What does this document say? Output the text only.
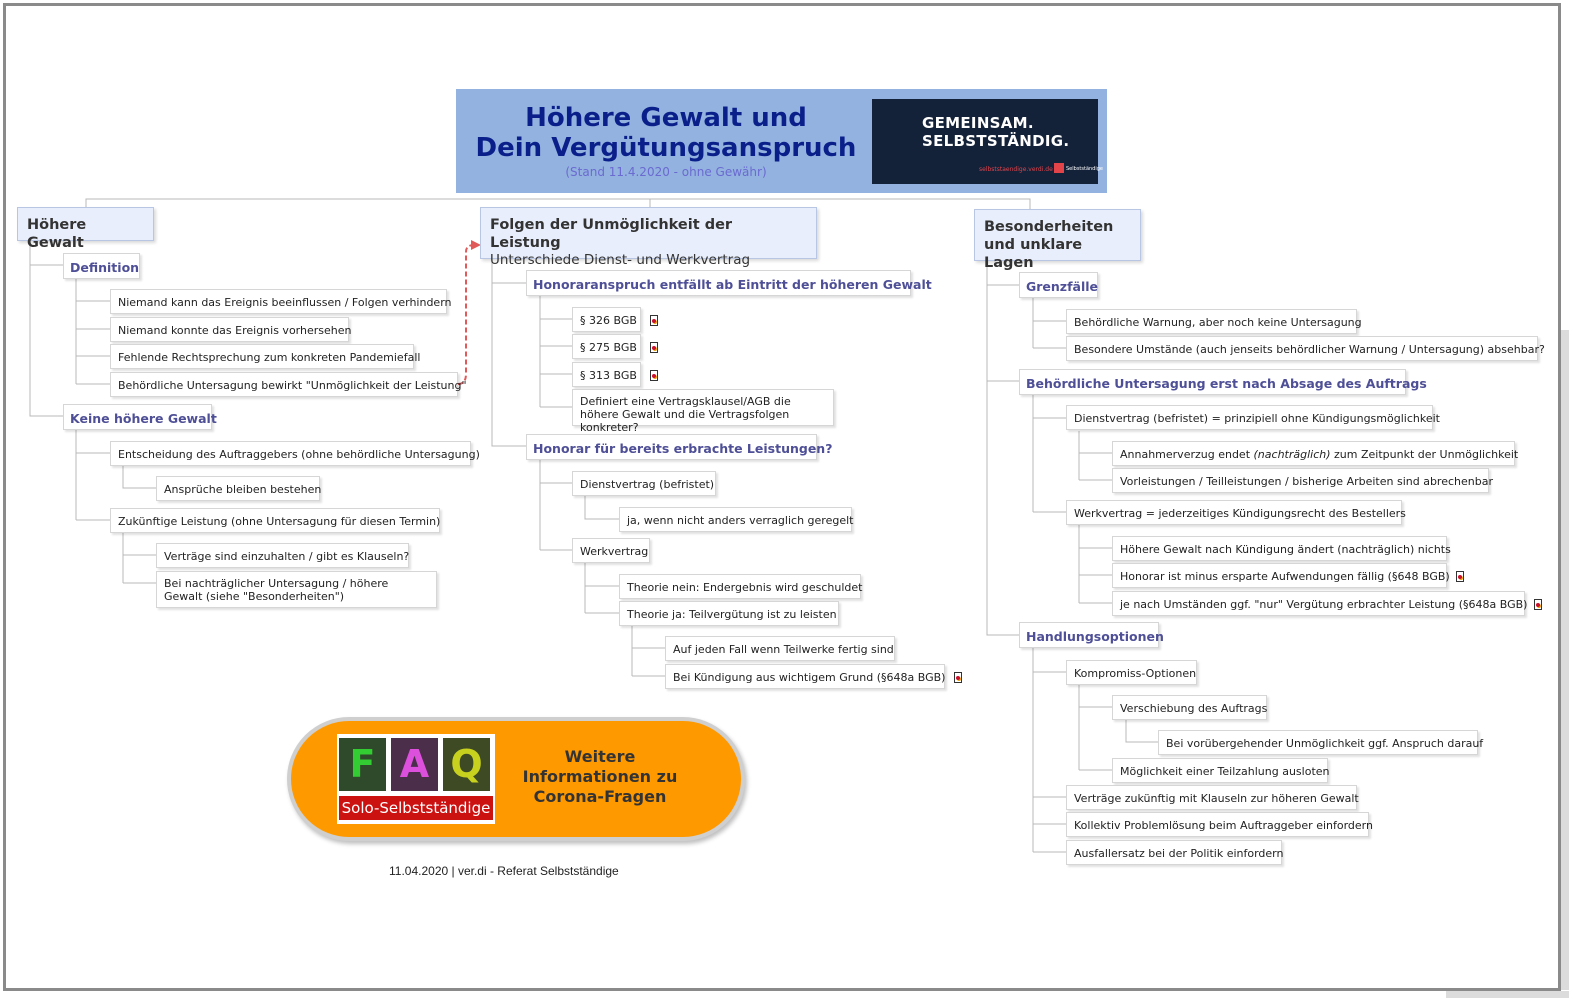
Höhere Gewalt und
Dein Vergütungsanspruch
(Stand 11.4.2020 - ohne Gewähr)
GEMEINSAM.
SELBSTSTÄNDIG.
selbststaendige.verdi.de	Selbstständige
Höhere Gewalt
Definition
Niemand kann das Ereignis beeinflussen / Folgen verhindern
Niemand konnte das Ereignis vorhersehen
Fehlende Rechtsprechung zum konkreten Pandemiefall
Behördliche Untersagung bewirkt "Unmöglichkeit der Leistung"
Keine höhere Gewalt
Entscheidung des Auftraggebers (ohne behördliche Untersagung)
Ansprüche bleiben bestehen
Zukünftige Leistung (ohne Untersagung für diesen Termin)
Verträge sind einzuhalten / gibt es Klauseln?
Bei nachträglicher Untersagung / höhere Gewalt (siehe "Besonderheiten")
Folgen der Unmöglichkeit der Leistung
Unterschiede Dienst- und Werkvertrag
Honoraranspruch entfällt ab Eintritt der höheren Gewalt
§ 326 BGB
§ 275 BGB
§ 313 BGB
Definiert eine Vertragsklausel/AGB die höhere Gewalt und die Vertragsfolgen konkreter?
Honorar für bereits erbrachte Leistungen?
Dienstvertrag (befristet)
ja, wenn nicht anders verraglich geregelt
Werkvertrag
Theorie nein: Endergebnis wird geschuldet
Theorie ja: Teilvergütung ist zu leisten
Auf jeden Fall wenn Teilwerke fertig sind
Bei Kündigung aus wichtigem Grund (§648a BGB)
Besonderheiten
und unklare Lagen
Grenzfälle
Behördliche Warnung, aber noch keine Untersagung
Besondere Umstände (auch jenseits behördlicher Warnung / Untersagung) absehbar?
Behördliche Untersagung erst nach Absage des Auftrags
Dienstvertrag (befristet) = prinzipiell ohne Kündigungsmöglichkeit
Annahmerverzug endet (nachträglich) zum Zeitpunkt der Unmöglichkeit
Vorleistungen / Teilleistungen / bisherige Arbeiten sind abrechenbar
Werkvertrag = jederzeitiges Kündigungsrecht des Bestellers
Höhere Gewalt nach Kündigung ändert (nachträglich) nichts
Honorar ist minus ersparte Aufwendungen fällig (§648 BGB)
je nach Umständen ggf. "nur" Vergütung erbrachter Leistung (§648a BGB)
Handlungsoptionen
Kompromiss-Optionen
Verschiebung des Auftrags
Bei vorübergehender Unmöglichkeit ggf. Anspruch darauf
Möglichkeit einer Teilzahlung ausloten
Verträge zukünftig mit Klauseln zur höheren Gewalt
Kollektiv Problemlösung beim Auftraggeber einfordern
Ausfallersatz bei der Politik einfordern
F A Q
Solo-Selbstständige
Weitere
Informationen zu
Corona-Fragen
11.04.2020 | ver.di - Referat Selbstständige
